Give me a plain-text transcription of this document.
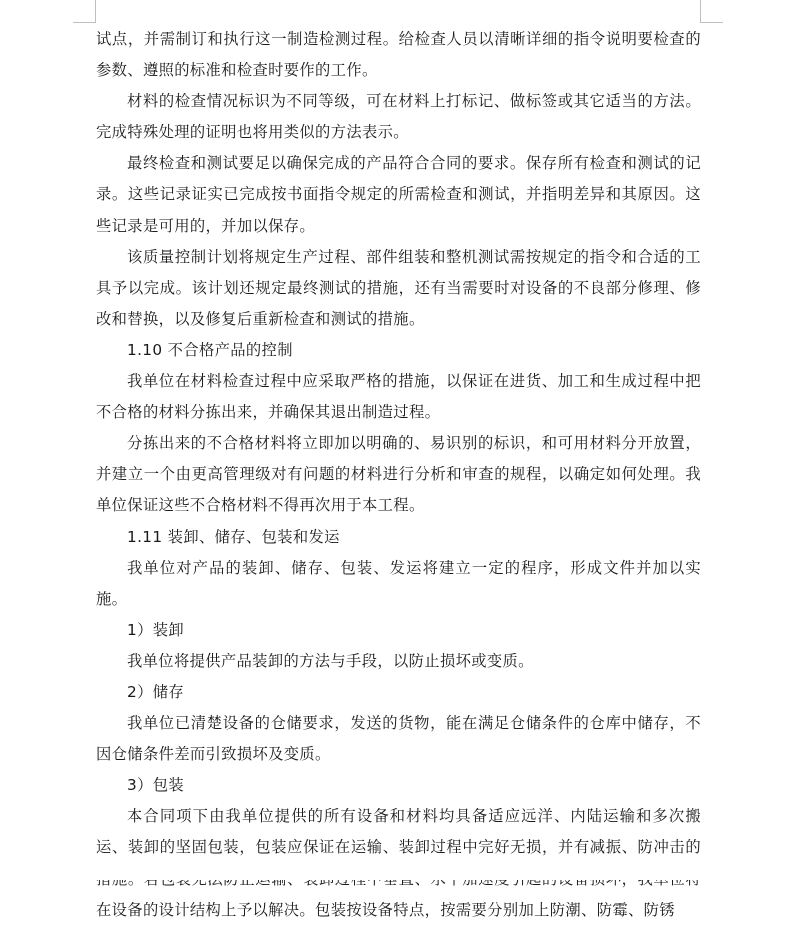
试点，并需制订和执行这一制造检测过程。给检查人员以清晰详细的指令说明要检查的参数、遵照的标准和检查时要作的工作。

材料的检查情况标识为不同等级，可在材料上打标记、做标签或其它适当的方法。完成特殊处理的证明也将用类似的方法表示。

最终检查和测试要足以确保完成的产品符合合同的要求。保存所有检查和测试的记录。这些记录证实已完成按书面指令规定的所需检查和测试，并指明差异和其原因。这些记录是可用的，并加以保存。

该质量控制计划将规定生产过程、部件组装和整机测试需按规定的指令和合适的工具予以完成。该计划还规定最终测试的措施，还有当需要时对设备的不良部分修理、修改和替换，以及修复后重新检查和测试的措施。

1.10 不合格产品的控制

我单位在材料检查过程中应采取严格的措施，以保证在进货、加工和生成过程中把不合格的材料分拣出来，并确保其退出制造过程。

分拣出来的不合格材料将立即加以明确的、易识别的标识，和可用材料分开放置，并建立一个由更高管理级对有问题的材料进行分析和审查的规程，以确定如何处理。我单位保证这些不合格材料不得再次用于本工程。

1.11 装卸、储存、包装和发运

我单位对产品的装卸、储存、包装、发运将建立一定的程序，形成文件并加以实施。

1）装卸

我单位将提供产品装卸的方法与手段，以防止损坏或变质。

2）储存

我单位已清楚设备的仓储要求，发送的货物，能在满足仓储条件的仓库中储存，不因仓储条件差而引致损坏及变质。

3）包装

本合同项下由我单位提供的所有设备和材料均具备适应远洋、内陆运输和多次搬运、装卸的坚固包装，包装应保证在运输、装卸过程中完好无损，并有减振、防冲击的 在设备的设计结构上予以解决。包装按设备特点，按需要分别加上防潮、防霉、防锈
